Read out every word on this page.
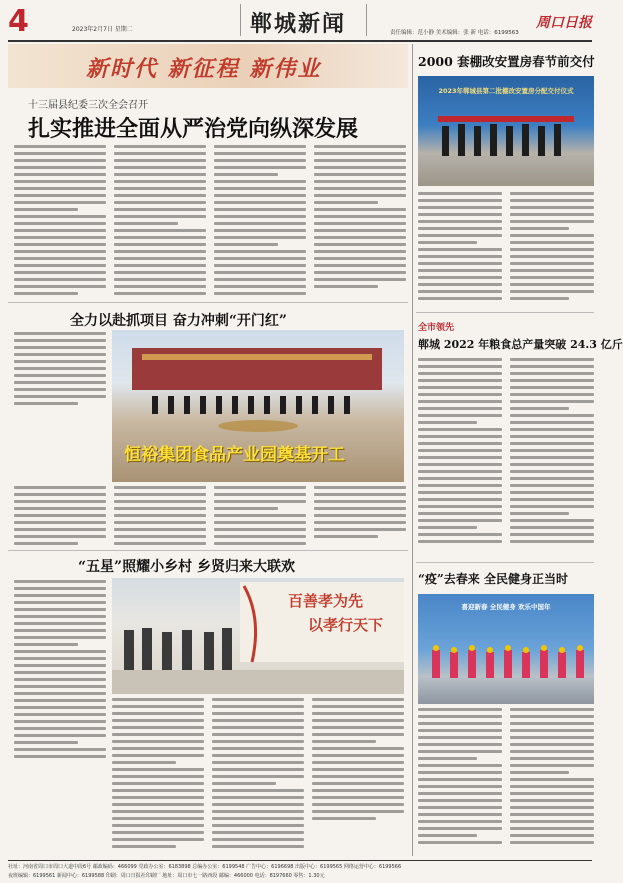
4	2023年2月7日 星期二	郸城新闻	周口日报
责任编辑：范小静 美术编辑：张 新 电话：6199563
新时代 新征程 新伟业
十三届县纪委三次全会召开
扎实推进全面从严治党向纵深发展
全力以赴抓项目 奋力冲刺“开门红”
恒裕集团食品产业园奠基开工
“五星”照耀小乡村 乡贤归来大联欢
百善孝为先
以孝行天下
2000 套棚改安置房春节前交付
2023年郸城县第二批棚改安置房分配交付仪式
全市领先
郸城 2022 年粮食总产量突破 24.3 亿斤
“疫”去春来 全民健身正当时
喜迎新春 全民健身 欢乐中国年
社址：河南省周口市周口大道中段6号 邮政编码：466099 党政办公室：6183898 总编办公室：6199548 广告中心：6196698 出版中心：6199565 网络运营中心：6199566
夜班编辑：6199561 新闻中心：6199588 印刷：周口日报社印刷厂 地址：周口市七一路西段 邮编：466000 电话：8197660 零售：1.30元
